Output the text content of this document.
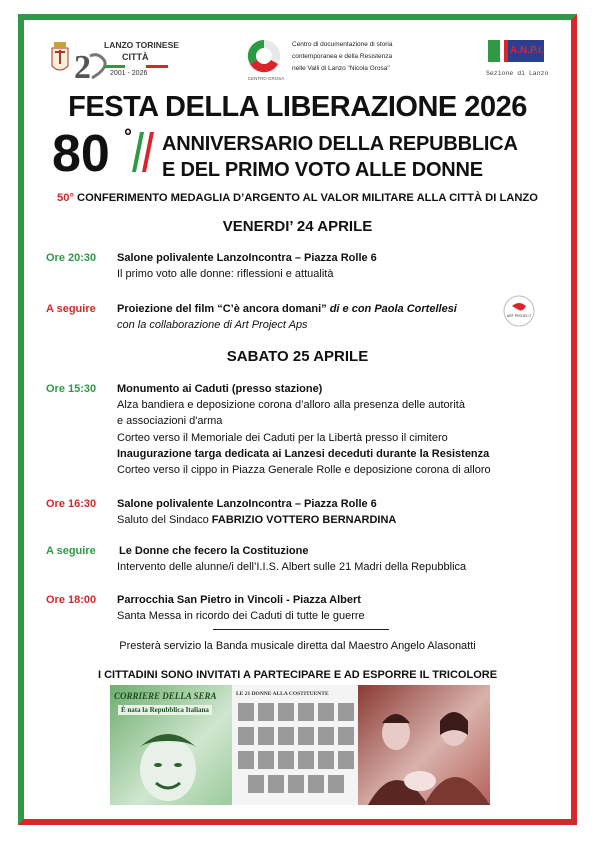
2
LANZO TORINESE
CITTÀ
2001 - 2026
CENTRO GROSA
Centro di documentazione di storia
contemporanea e della Resistenza
nelle Valli di Lanzo "Nicola Grosa"
A.N.P.I.
Sezione di Lanzo
FESTA DELLA LIBERAZIONE 2026
80 ° ANNIVERSARIO DELLA REPUBBLICA
E DEL PRIMO VOTO ALLE DONNE
50° CONFERIMENTO MEDAGLIA D’ARGENTO AL VALOR MILITARE ALLA CITTÀ DI LANZO
VENERDI’ 24 APRILE
Ore 20:30 Salone polivalente LanzoIncontra – Piazza Rolle 6
Il primo voto alle donne: riflessioni e attualità
A seguire Proiezione del film “C’è ancora domani” di e con Paola Cortellesi
con la collaborazione di Art Project Aps
ART PROJECT
SABATO 25 APRILE
Ore 15:30 Monumento ai Caduti (presso stazione)
Alza bandiera e deposizione corona d’alloro alla presenza delle autorità
e associazioni d'arma
Corteo verso il Memoriale dei Caduti per la Libertà presso il cimitero
Inaugurazione targa dedicata ai Lanzesi deceduti durante la Resistenza
Corteo verso il cippo in Piazza Generale Rolle e deposizione corona di alloro
Ore 16:30 Salone polivalente LanzoIncontra – Piazza Rolle 6
Saluto del Sindaco FABRIZIO VOTTERO BERNARDINA
A seguire Le Donne che fecero la Costituzione
Intervento delle alunne/i dell’I.I.S. Albert sulle 21 Madri della Repubblica
Ore 18:00 Parrocchia San Pietro in Vincoli - Piazza Albert
Santa Messa in ricordo dei Caduti di tutte le guerre
Presterà servizio la Banda musicale diretta dal Maestro Angelo Alasonatti
I CITTADINI SONO INVITATI A PARTECIPARE E AD ESPORRE IL TRICOLORE
CORRIERE DELLA SERA
È nata la Repubblica Italiana
LE 21 DONNE ALLA COSTITUENTE
